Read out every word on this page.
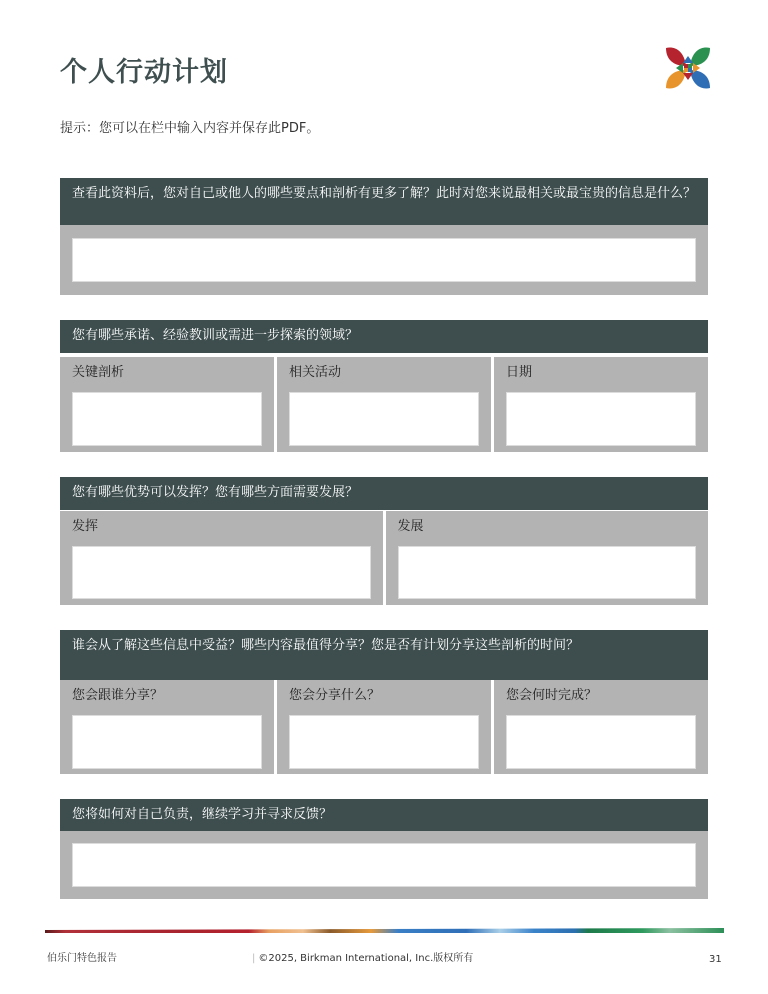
个人行动计划
提示：您可以在栏中输入内容并保存此PDF。
查看此资料后，您对自己或他人的哪些要点和剖析有更多了解？此时对您来说最相关或最宝贵的信息是什么？
您有哪些承诺、经验教训或需进一步探索的领域？
关键剖析	相关活动	日期
您有哪些优势可以发挥？您有哪些方面需要发展？
发挥	发展
谁会从了解这些信息中受益？哪些内容最值得分享？您是否有计划分享这些剖析的时间？
您会跟谁分享？	您会分享什么？	您会何时完成？
您将如何对自己负责，继续学习并寻求反馈？
伯乐门特色报告	| ©2025, Birkman International, Inc.版权所有	31
